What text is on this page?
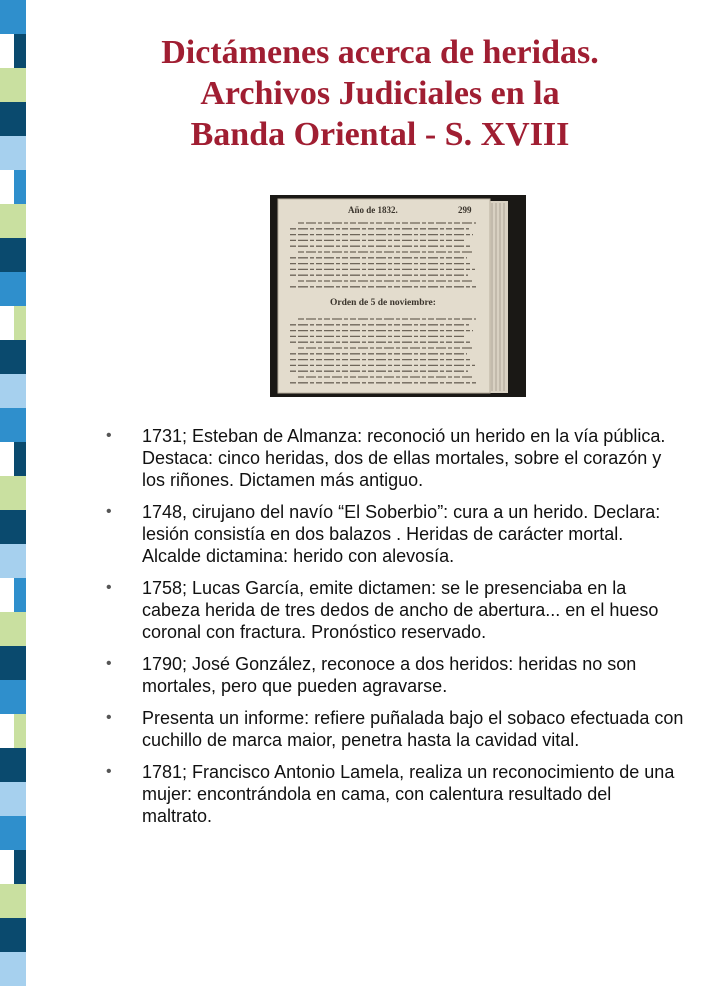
Dictámenes acerca de heridas.
Archivos Judiciales en la
Banda Oriental - S. XVIII
Año de 1832.	299
Orden de 5 de noviembre:
• 1731; Esteban de Almanza: reconoció un herido en la vía pública. Destaca: cinco heridas, dos de ellas mortales, sobre el corazón y los riñones. Dictamen más antiguo.
• 1748, cirujano del navío “El Soberbio”: cura a un herido. Declara: lesión consistía en dos balazos . Heridas de carácter mortal. Alcalde dictamina: herido con alevosía.
• 1758; Lucas García, emite dictamen: se le presenciaba en la cabeza herida de tres dedos de ancho de abertura... en el hueso coronal con fractura. Pronóstico reservado.
• 1790; José González, reconoce a dos heridos: heridas no son mortales, pero que pueden agravarse.
• Presenta un informe: refiere puñalada bajo el sobaco efectuada con cuchillo de marca maior, penetra hasta la cavidad vital.
• 1781; Francisco Antonio Lamela, realiza un reconocimiento de una mujer: encontrándola en cama, con calentura resultado del maltrato.
